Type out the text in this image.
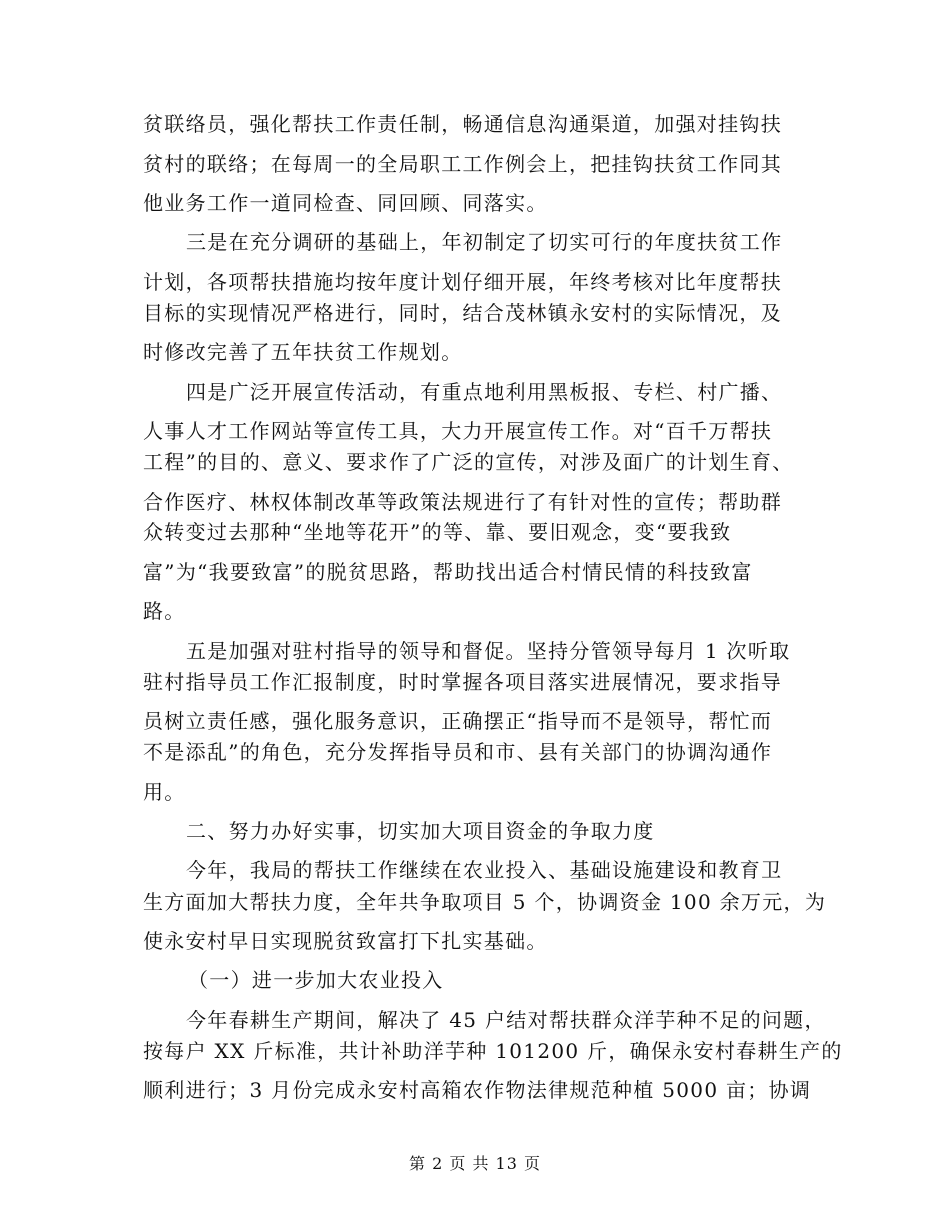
贫联络员，强化帮扶工作责任制，畅通信息沟通渠道，加强对挂钩扶
贫村的联络；在每周一的全局职工工作例会上，把挂钩扶贫工作同其
他业务工作一道同检查、同回顾、同落实。
三是在充分调研的基础上，年初制定了切实可行的年度扶贫工作
计划，各项帮扶措施均按年度计划仔细开展，年终考核对比年度帮扶
目标的实现情况严格进行，同时，结合茂林镇永安村的实际情况，及
时修改完善了五年扶贫工作规划。
四是广泛开展宣传活动，有重点地利用黑板报、专栏、村广播、
人事人才工作网站等宣传工具，大力开展宣传工作。对“百千万帮扶
工程”的目的、意义、要求作了广泛的宣传，对涉及面广的计划生育、
合作医疗、林权体制改革等政策法规进行了有针对性的宣传；帮助群
众转变过去那种“坐地等花开”的等、靠、要旧观念，变“要我致
富”为“我要致富”的脱贫思路，帮助找出适合村情民情的科技致富
路。
五是加强对驻村指导的领导和督促。坚持分管领导每月 1 次听取
驻村指导员工作汇报制度，时时掌握各项目落实进展情况，要求指导
员树立责任感，强化服务意识，正确摆正“指导而不是领导，帮忙而
不是添乱”的角色，充分发挥指导员和市、县有关部门的协调沟通作
用。
二、努力办好实事，切实加大项目资金的争取力度
今年，我局的帮扶工作继续在农业投入、基础设施建设和教育卫
生方面加大帮扶力度，全年共争取项目 5 个，协调资金 100 余万元，为
使永安村早日实现脱贫致富打下扎实基础。
（一）进一步加大农业投入
今年春耕生产期间，解决了 45 户结对帮扶群众洋芋种不足的问题，
按每户 XX 斤标准，共计补助洋芋种 101200 斤，确保永安村春耕生产的
顺利进行；3 月份完成永安村高箱农作物法律规范种植 5000 亩；协调
第 2 页 共 13 页
